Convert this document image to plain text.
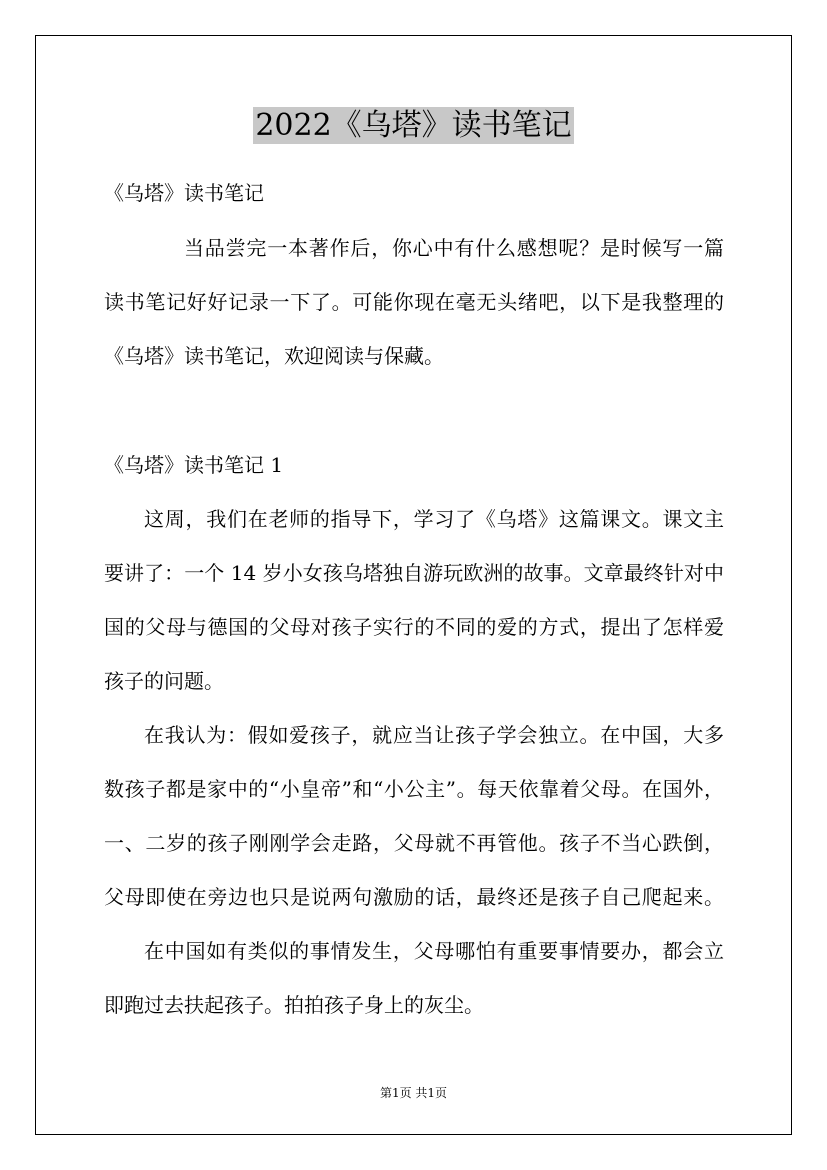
2022《乌塔》读书笔记
《乌塔》读书笔记
当品尝完一本著作后，你心中有什么感想呢？是时候写一篇
读书笔记好好记录一下了。可能你现在毫无头绪吧，以下是我整理的
《乌塔》读书笔记，欢迎阅读与保藏。
《乌塔》读书笔记 1
这周，我们在老师的指导下，学习了《乌塔》这篇课文。课文主
要讲了：一个 14 岁小女孩乌塔独自游玩欧洲的故事。文章最终针对中
国的父母与德国的父母对孩子实行的不同的爱的方式，提出了怎样爱
孩子的问题。
在我认为：假如爱孩子，就应当让孩子学会独立。在中国，大多
数孩子都是家中的“小皇帝”和“小公主”。每天依靠着父母。在国外，
一、二岁的孩子刚刚学会走路，父母就不再管他。孩子不当心跌倒，
父母即使在旁边也只是说两句激励的话，最终还是孩子自己爬起来。
在中国如有类似的事情发生，父母哪怕有重要事情要办，都会立
即跑过去扶起孩子。拍拍孩子身上的灰尘。
第1页 共1页
